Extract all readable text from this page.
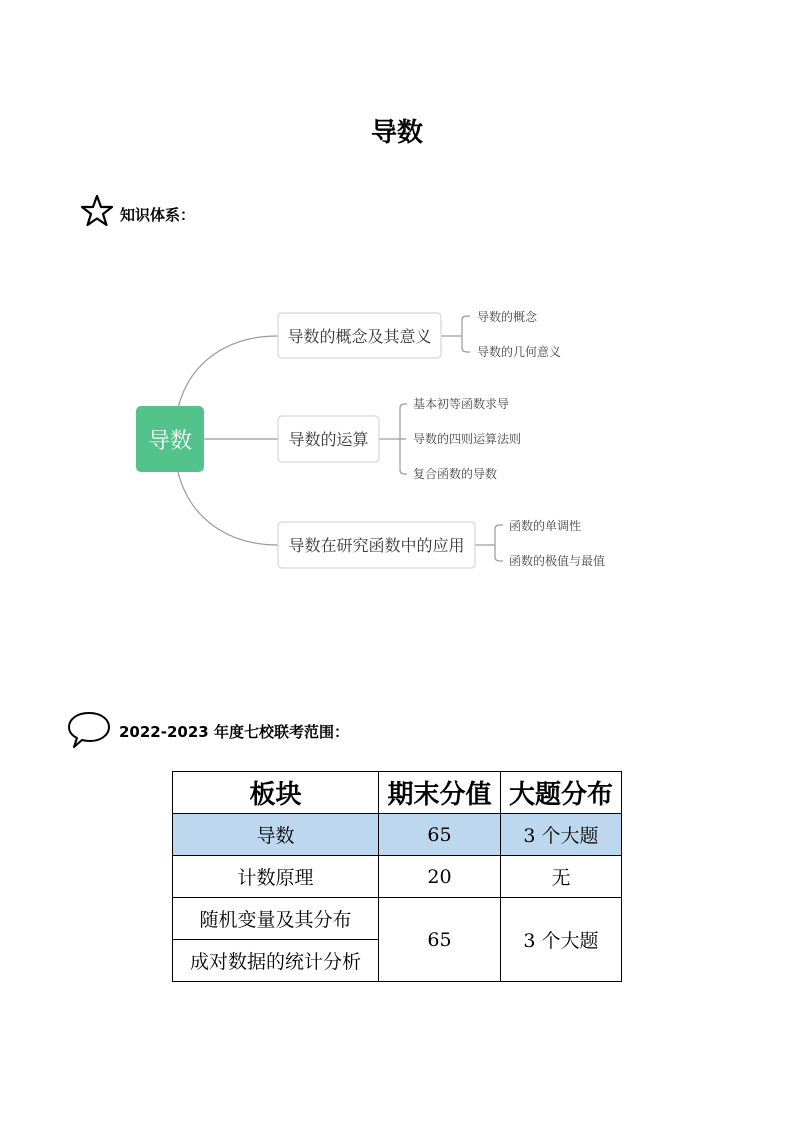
导数
知识体系：
导数
导数的概念及其意义
导数的运算
导数在研究函数中的应用
导数的概念
导数的几何意义
基本初等函数求导
导数的四则运算法则
复合函数的导数
函数的单调性
函数的极值与最值
2022-2023 年度七校联考范围：
板块	期末分值	大题分布
导数	65	3 个大题
计数原理	20	无
随机变量及其分布	65	3 个大题
成对数据的统计分析		
